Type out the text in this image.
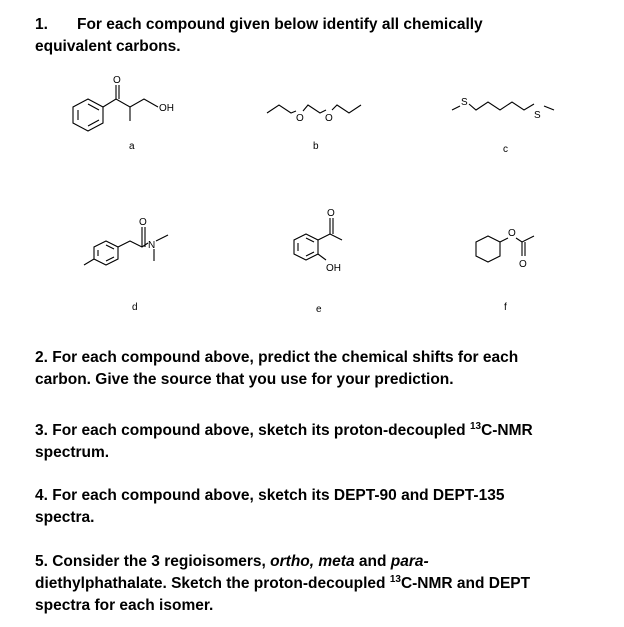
1. For each compound given below identify all chemically
equivalent carbons.
O
OH
a
O O
b
S
S
c
O
N
d
O
OH
e
O
O
f
2. For each compound above, predict the chemical shifts for each
carbon. Give the source that you use for your prediction.
3. For each compound above, sketch its proton-decoupled $^{13}$C-NMR
spectrum.
4. For each compound above, sketch its DEPT-90 and DEPT-135
spectra.
5. Consider the 3 regioisomers, ortho, meta and para-
diethylphathalate. Sketch the proton-decoupled $^{13}$C-NMR and DEPT
spectra for each isomer.
